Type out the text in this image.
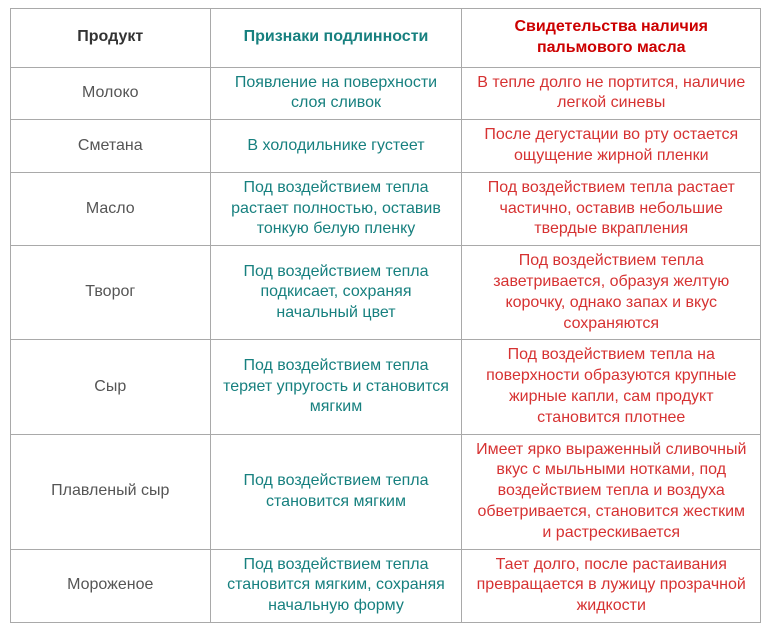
Продукт	Признаки подлинности	Свидетельства наличия пальмового масла
Молоко	Появление на поверхности слоя сливок	В тепле долго не портится, наличие легкой синевы
Сметана	В холодильнике густеет	После дегустации во рту остается ощущение жирной пленки
Масло	Под воздействием тепла растает полностью, оставив тонкую белую пленку	Под воздействием тепла растает частично, оставив небольшие твердые вкрапления
Творог	Под воздействием тепла подкисает, сохраняя начальный цвет	Под воздействием тепла заветривается, образуя желтую корочку, однако запах и вкус сохраняются
Сыр	Под воздействием тепла теряет упругость и становится мягким	Под воздействием тепла на поверхности образуются крупные жирные капли, сам продукт становится плотнее
Плавленый сыр	Под воздействием тепла становится мягким	Имеет ярко выраженный сливочный вкус с мыльными нотками, под воздействием тепла и воздуха обветривается, становится жестким и растрескивается
Мороженое	Под воздействием тепла становится мягким, сохраняя начальную форму	Тает долго, после растаивания превращается в лужицу прозрачной жидкости
